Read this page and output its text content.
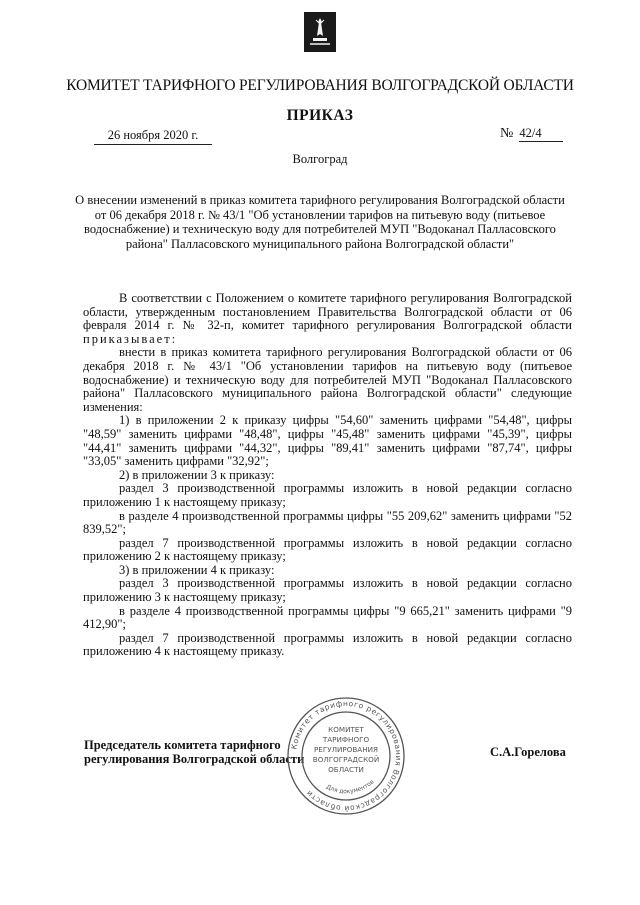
КОМИТЕТ ТАРИФНОГО РЕГУЛИРОВАНИЯ ВОЛГОГРАДСКОЙ ОБЛАСТИ
ПРИКАЗ
26 ноября 2020 г.	№ 42/4
Волгоград
О внесении изменений в приказ комитета тарифного регулирования Волгоградской области от 06 декабря 2018 г. № 43/1 "Об установлении тарифов на питьевую воду (питьевое водоснабжение) и техническую воду для потребителей МУП "Водоканал Палласовского района" Палласовского муниципального района Волгоградской области"

В соответствии с Положением о комитете тарифного регулирования Волгоградской области, утвержденным постановлением Правительства Волгоградской области от 06 февраля 2014 г. № 32-п, комитет тарифного регулирования Волгоградской области приказывает:

внести в приказ комитета тарифного регулирования Волгоградской области от 06 декабря 2018 г. № 43/1 "Об установлении тарифов на питьевую воду (питьевое водоснабжение) и техническую воду для потребителей МУП "Водоканал Палласовского района" Палласовского муниципального района Волгоградской области" следующие изменения:

1) в приложении 2 к приказу цифры "54,60" заменить цифрами "54,48", цифры "48,59" заменить цифрами "48,48", цифры "45,48" заменить цифрами "45,39", цифры "44,41" заменить цифрами "44,32", цифры "89,41" заменить цифрами "87,74", цифры "33,05" заменить цифрами "32,92";

2) в приложении 3 к приказу:

раздел 3 производственной программы изложить в новой редакции согласно приложению 1 к настоящему приказу;

в разделе 4 производственной программы цифры "55 209,62" заменить цифрами "52 839,52";

раздел 7 производственной программы изложить в новой редакции согласно приложению 2 к настоящему приказу;

3) в приложении 4 к приказу:

раздел 3 производственной программы изложить в новой редакции согласно приложению 3 к настоящему приказу;

в разделе 4 производственной программы цифры "9 665,21" заменить цифрами "9 412,90";

раздел 7 производственной программы изложить в новой редакции согласно приложению 4 к настоящему приказу.

Председатель комитета тарифного
регулирования Волгоградской области	С.А.Горелова
Комитет тарифного регулирования Волгоградской области
КОМИТЕТ
ТАРИФНОГО
РЕГУЛИРОВАНИЯ
ВОЛГОГРАДСКОЙ
ОБЛАСТИ
Для документов
